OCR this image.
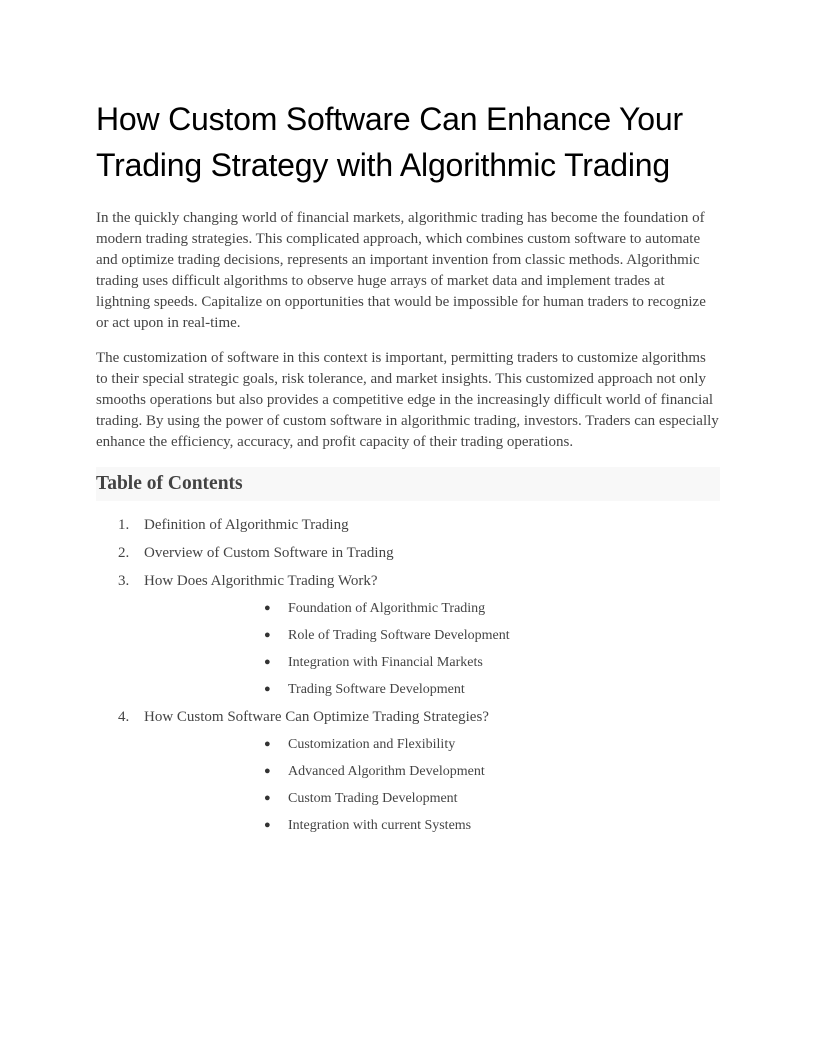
How Custom Software Can Enhance Your Trading Strategy with Algorithmic Trading

In the quickly changing world of financial markets, algorithmic trading has become the foundation of modern trading strategies. This complicated approach, which combines custom software to automate and optimize trading decisions, represents an important invention from classic methods. Algorithmic trading uses difficult algorithms to observe huge arrays of market data and implement trades at lightning speeds. Capitalize on opportunities that would be impossible for human traders to recognize or act upon in real-time.

The customization of software in this context is important, permitting traders to customize algorithms to their special strategic goals, risk tolerance, and market insights. This customized approach not only smooths operations but also provides a competitive edge in the increasingly difficult world of financial trading. By using the power of custom software in algorithmic trading, investors. Traders can especially enhance the efficiency, accuracy, and profit capacity of their trading operations.

Table of Contents
1. Definition of Algorithmic Trading
2. Overview of Custom Software in Trading
3. How Does Algorithmic Trading Work?
● Foundation of Algorithmic Trading
● Role of Trading Software Development
● Integration with Financial Markets
● Trading Software Development
4. How Custom Software Can Optimize Trading Strategies?
● Customization and Flexibility
● Advanced Algorithm Development
● Custom Trading Development
● Integration with current Systems
